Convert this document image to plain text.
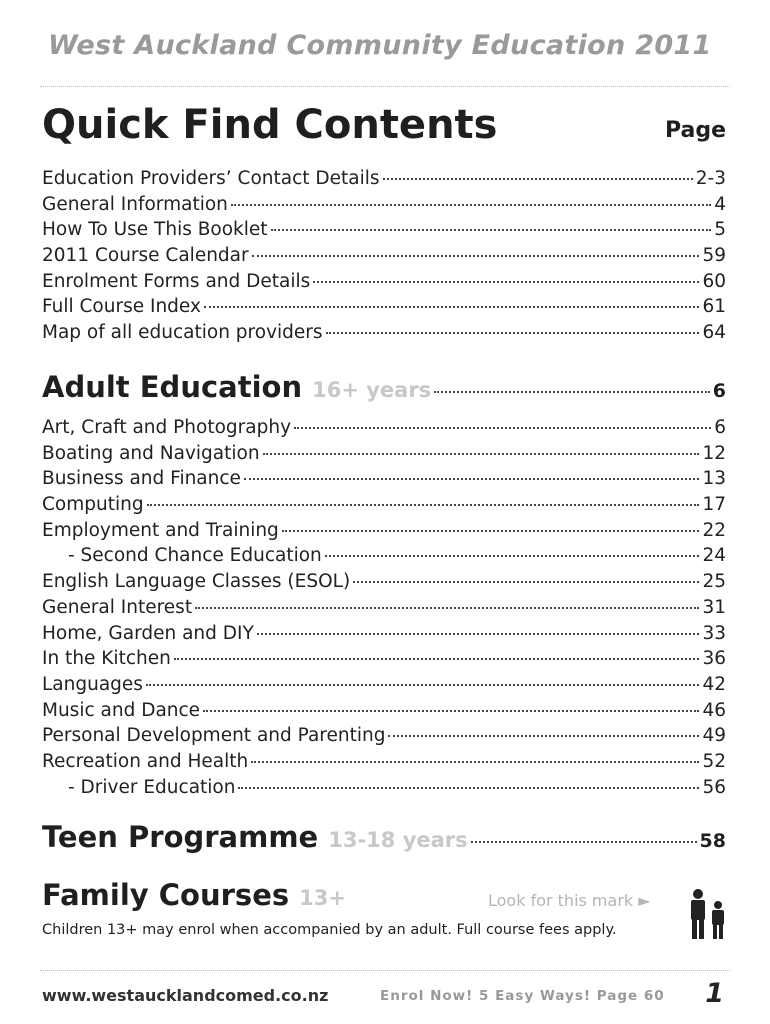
West Auckland Community Education 2011
Quick Find Contents	Page
Education Providers’ Contact Details	2-3
General Information	4
How To Use This Booklet	5
2011 Course Calendar	59
Enrolment Forms and Details	60
Full Course Index	61
Map of all education providers	64
Adult Education 16+ years	6
Art, Craft and Photography	6
Boating and Navigation	12
Business and Finance	13
Computing	17
Employment and Training	22
- Second Chance Education	24
English Language Classes (ESOL)	25
General Interest	31
Home, Garden and DIY	33
In the Kitchen	36
Languages	42
Music and Dance	46
Personal Development and Parenting	49
Recreation and Health	52
- Driver Education	56
Teen Programme 13-18 years	58
Family Courses 13+	Look for this mark ►
Children 13+ may enrol when accompanied by an adult. Full course fees apply.
www.westaucklandcomed.co.nz	Enrol Now! 5 Easy Ways! Page 60 1
